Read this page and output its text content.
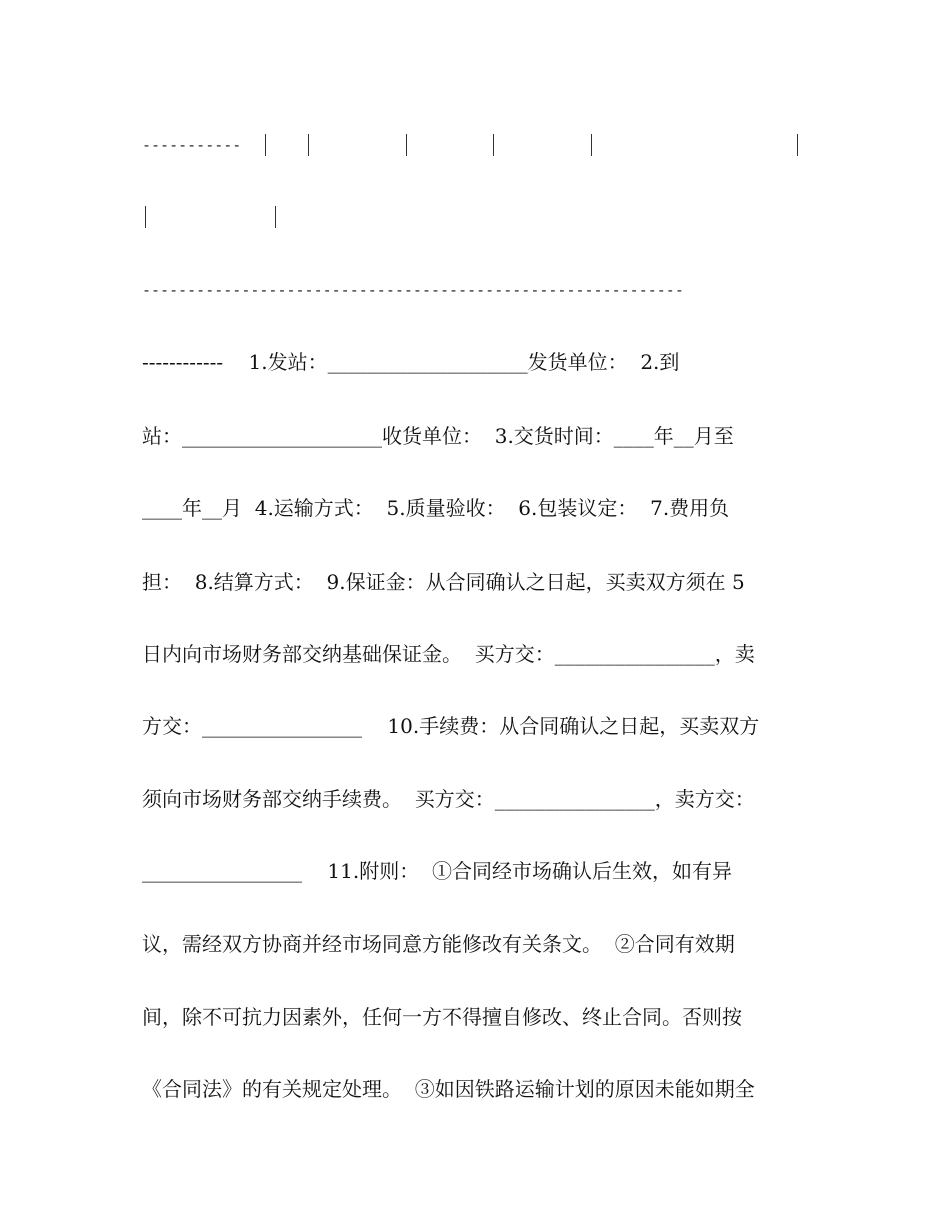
-----------
------------------------------------------------------------
------------    1.发站：____________________发货单位：  2.到
站：____________________收货单位：  3.交货时间：____年__月至
____年__月  4.运输方式：  5.质量验收：  6.包装议定：  7.费用负
担：  8.结算方式：  9.保证金：从合同确认之日起，买卖双方须在 5
日内向市场财务部交纳基础保证金。  买方交：________________，卖
方交：________________    10.手续费：从合同确认之日起，买卖双方
须向市场财务部交纳手续费。  买方交：________________，卖方交：
________________    11.附则：  ①合同经市场确认后生效，如有异
议，需经双方协商并经市场同意方能修改有关条文。  ②合同有效期
间，除不可抗力因素外，任何一方不得擅自修改、终止合同。否则按
《合同法》的有关规定处理。  ③如因铁路运输计划的原因未能如期全
